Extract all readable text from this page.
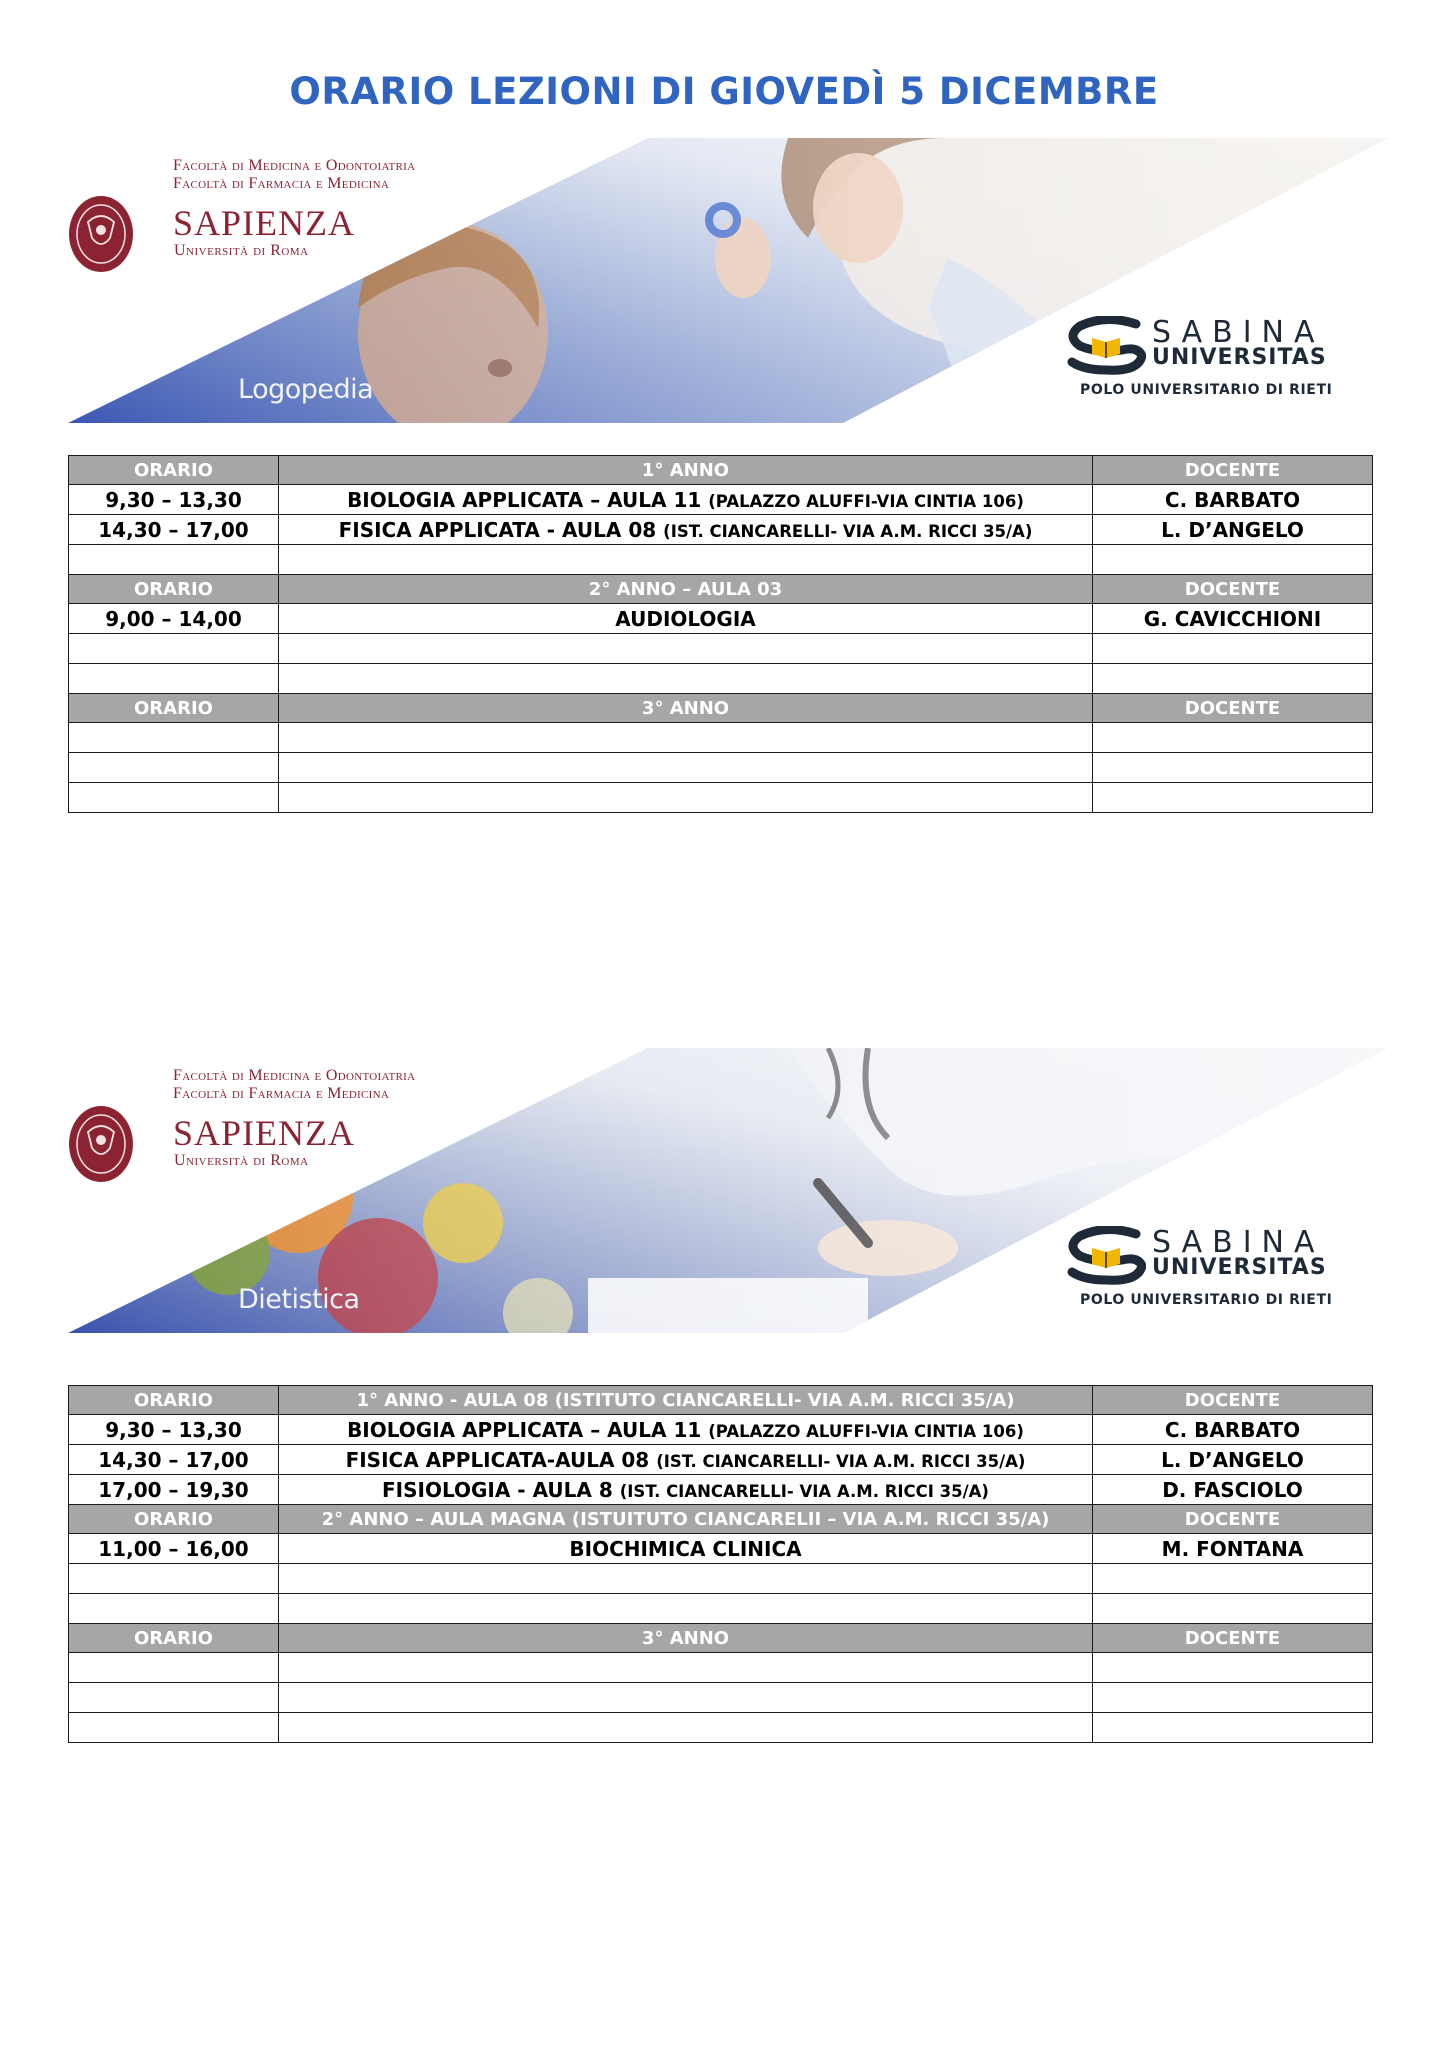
ORARIO LEZIONI DI GIOVEDÌ 5 DICEMBRE
Facoltà di Medicina e Odontoiatria
Facoltà di Farmacia e Medicina
SAPIENZA
Università di Roma
Logopedia
SABINA
UNIVERSITAS
POLO UNIVERSITARIO DI RIETI
ORARIO	1° ANNO	DOCENTE
9,30 – 13,30	BIOLOGIA APPLICATA – AULA 11 (PALAZZO ALUFFI-VIA CINTIA 106)	C. BARBATO
14,30 – 17,00	FISICA APPLICATA - AULA 08 (IST. CIANCARELLI- VIA A.M. RICCI 35/A)	L. D’ANGELO

ORARIO	2° ANNO – AULA 03	DOCENTE
9,00 – 14,00	AUDIOLOGIA	G. CAVICCHIONI

ORARIO	3° ANNO	DOCENTE

Facoltà di Medicina e Odontoiatria
Facoltà di Farmacia e Medicina
SAPIENZA
Università di Roma
Dietistica
SABINA
UNIVERSITAS
POLO UNIVERSITARIO DI RIETI
ORARIO	1° ANNO - AULA 08 (ISTITUTO CIANCARELLI- VIA A.M. RICCI 35/A)	DOCENTE
9,30 – 13,30	BIOLOGIA APPLICATA – AULA 11 (PALAZZO ALUFFI-VIA CINTIA 106)	C. BARBATO
14,30 – 17,00	FISICA APPLICATA-AULA 08 (IST. CIANCARELLI- VIA A.M. RICCI 35/A)	L. D’ANGELO
17,00 – 19,30	FISIOLOGIA - AULA 8 (IST. CIANCARELLI- VIA A.M. RICCI 35/A)	D. FASCIOLO
ORARIO	2° ANNO – AULA MAGNA (ISTUITUTO CIANCARELII – VIA A.M. RICCI 35/A)	DOCENTE
11,00 – 16,00	BIOCHIMICA CLINICA	M. FONTANA

ORARIO	3° ANNO	DOCENTE
